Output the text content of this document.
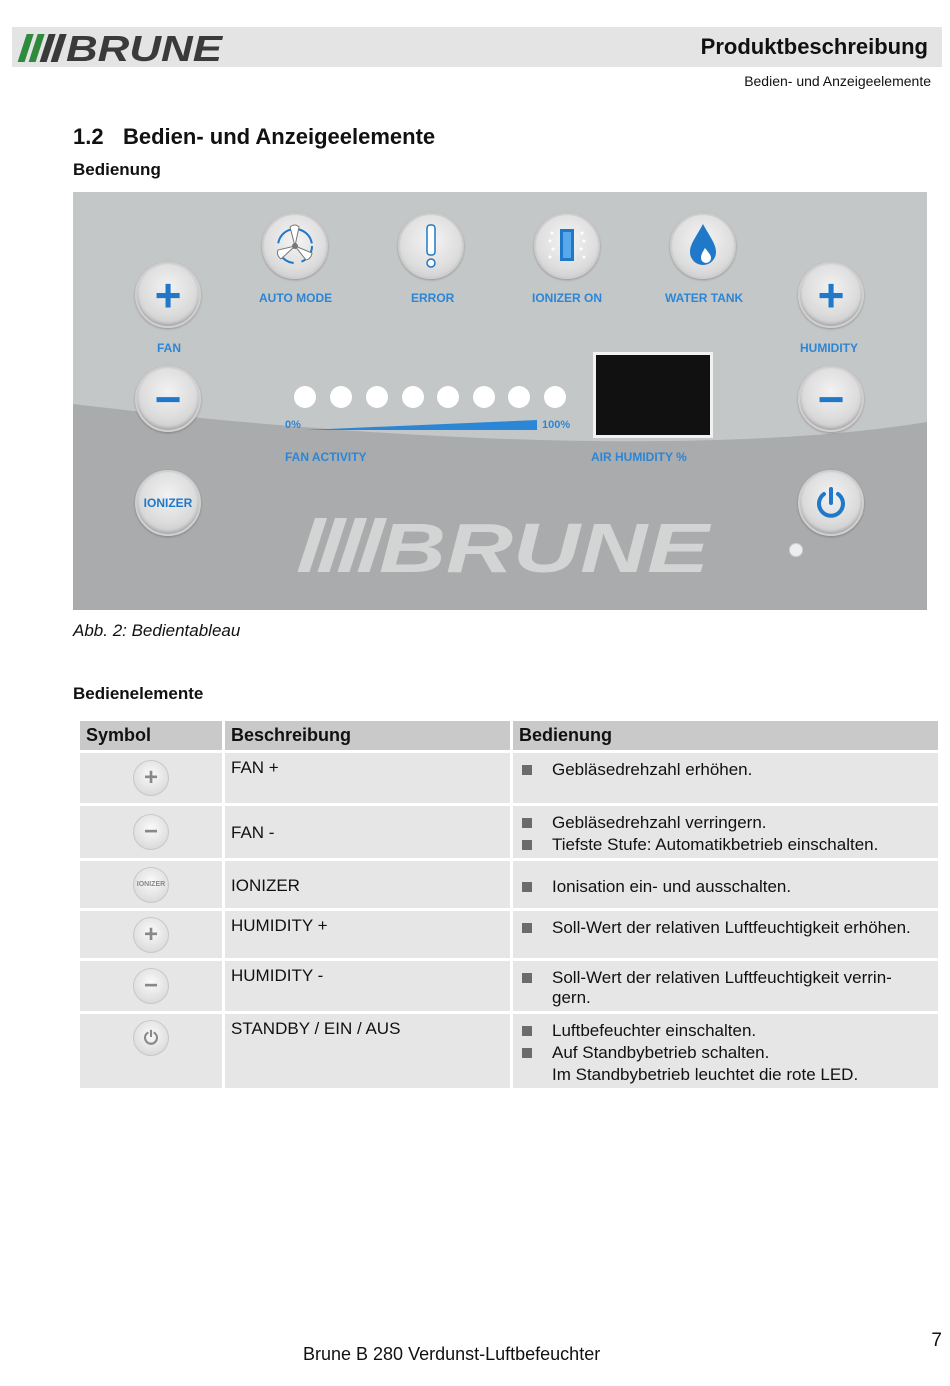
BRUNE	Produktbeschreibung
Bedien- und Anzeigeelemente
1.2 Bedien- und Anzeigeelemente
Bedienung
+
FAN
−
IONIZER
AUTO MODE	ERROR	IONIZER ON	WATER TANK +
HUMIDITY
−
0%	100%
FAN ACTIVITY	AIR HUMIDITY %
BRUNE
Abb. 2: Bedientableau
Bedienelemente
Symbol	Beschreibung	Bedienung

+	FAN +	Gebläsedrehzahl erhöhen.

−	FAN -	Gebläsedrehzahl verringern.
Tiefste Stufe: Automatikbetrieb einschalten.

IONIZER	IONIZER	Ionisation ein- und ausschalten.

+	HUMIDITY +	Soll-Wert der relativen Luftfeuchtigkeit erhöhen.

−	HUMIDITY -	Soll-Wert der relativen Luftfeuchtigkeit verrin-gern.

⏻	STANDBY / EIN / AUS	Luftbefeuchter einschalten.
Auf Standbybetrieb schalten.
Im Standbybetrieb leuchtet die rote LED.
Brune B 280 Verdunst-Luftbefeuchter
7
